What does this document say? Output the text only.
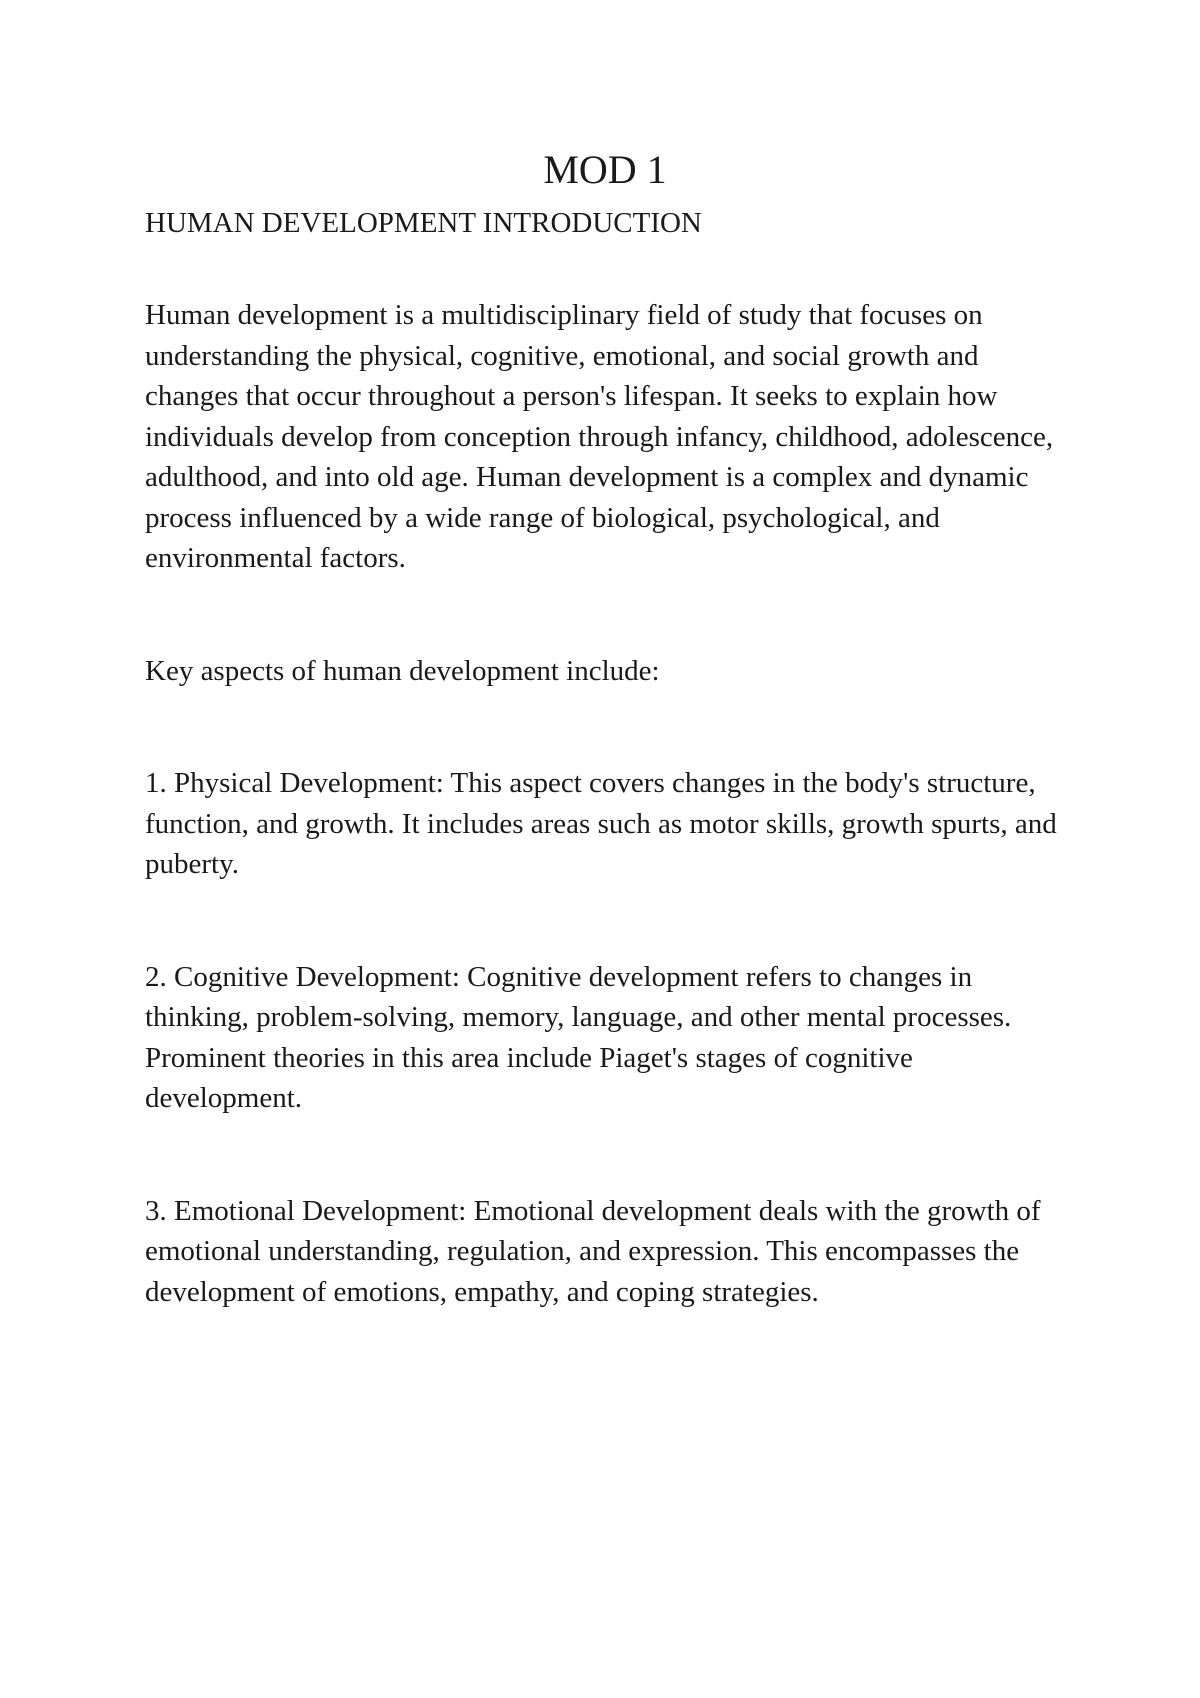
MOD 1
HUMAN DEVELOPMENT INTRODUCTION

Human development is a multidisciplinary field of study that focuses on understanding the physical, cognitive, emotional, and social growth and changes that occur throughout a person's lifespan. It seeks to explain how individuals develop from conception through infancy, childhood, adolescence, adulthood, and into old age. Human development is a complex and dynamic process influenced by a wide range of biological, psychological, and environmental factors.

Key aspects of human development include:

1. Physical Development: This aspect covers changes in the body's structure, function, and growth. It includes areas such as motor skills, growth spurts, and puberty.

2. Cognitive Development: Cognitive development refers to changes in thinking, problem-solving, memory, language, and other mental processes. Prominent theories in this area include Piaget's stages of cognitive development.

3. Emotional Development: Emotional development deals with the growth of emotional understanding, regulation, and expression. This encompasses the development of emotions, empathy, and coping strategies.
